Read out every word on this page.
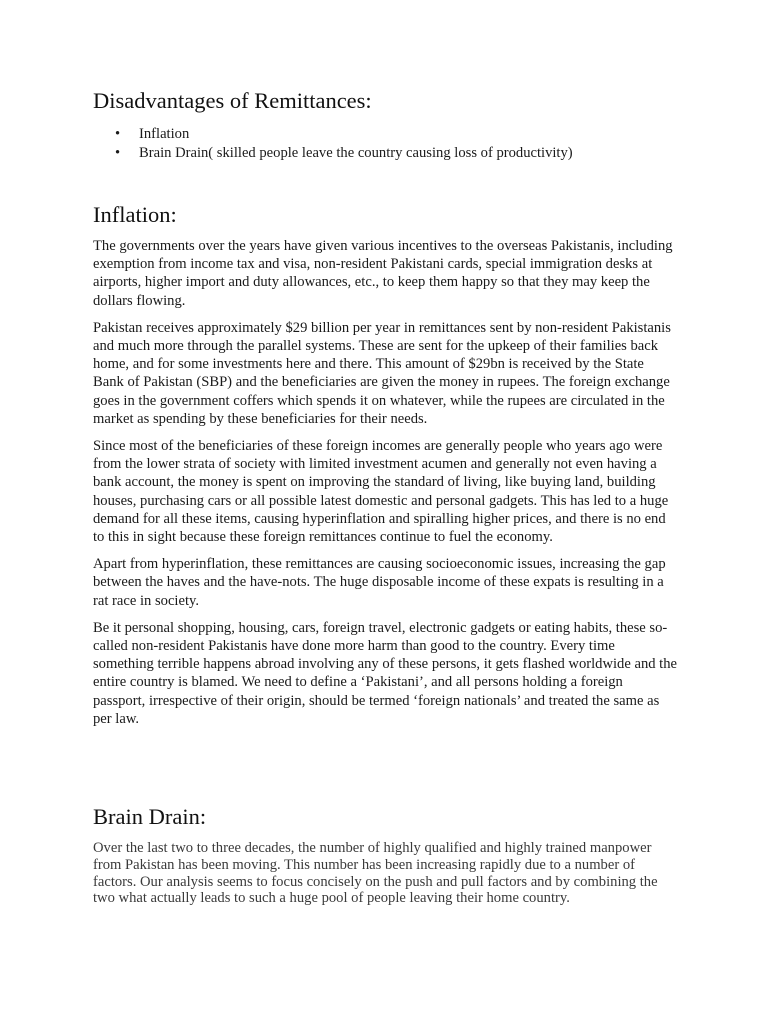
Disadvantages of Remittances:
• Inflation
• Brain Drain( skilled people leave the country causing loss of productivity)
Inflation:

The governments over the years have given various incentives to the overseas Pakistanis, including exemption from income tax and visa, non-resident Pakistani cards, special immigration desks at airports, higher import and duty allowances, etc., to keep them happy so that they may keep the dollars flowing.

Pakistan receives approximately $29 billion per year in remittances sent by non-resident Pakistanis and much more through the parallel systems. These are sent for the upkeep of their families back home, and for some investments here and there. This amount of $29bn is received by the State Bank of Pakistan (SBP) and the beneficiaries are given the money in rupees. The foreign exchange goes in the government coffers which spends it on whatever, while the rupees are circulated in the market as spending by these beneficiaries for their needs.

Since most of the beneficiaries of these foreign incomes are generally people who years ago were from the lower strata of society with limited investment acumen and generally not even having a bank account, the money is spent on improving the standard of living, like buying land, building houses, purchasing cars or all possible latest domestic and personal gadgets. This has led to a huge demand for all these items, causing hyperinflation and spiralling higher prices, and there is no end to this in sight because these foreign remittances continue to fuel the economy.

Apart from hyperinflation, these remittances are causing socioeconomic issues, increasing the gap between the haves and the have-nots. The huge disposable income of these expats is resulting in a rat race in society.

Be it personal shopping, housing, cars, foreign travel, electronic gadgets or eating habits, these so-called non-resident Pakistanis have done more harm than good to the country. Every time something terrible happens abroad involving any of these persons, it gets flashed worldwide and the entire country is blamed. We need to define a ‘Pakistani’, and all persons holding a foreign passport, irrespective of their origin, should be termed ‘foreign nationals’ and treated the same as per law.

Brain Drain:

Over the last two to three decades, the number of highly qualified and highly trained manpower from Pakistan has been moving. This number has been increasing rapidly due to a number of factors. Our analysis seems to focus concisely on the push and pull factors and by combining the two what actually leads to such a huge pool of people leaving their home country.
